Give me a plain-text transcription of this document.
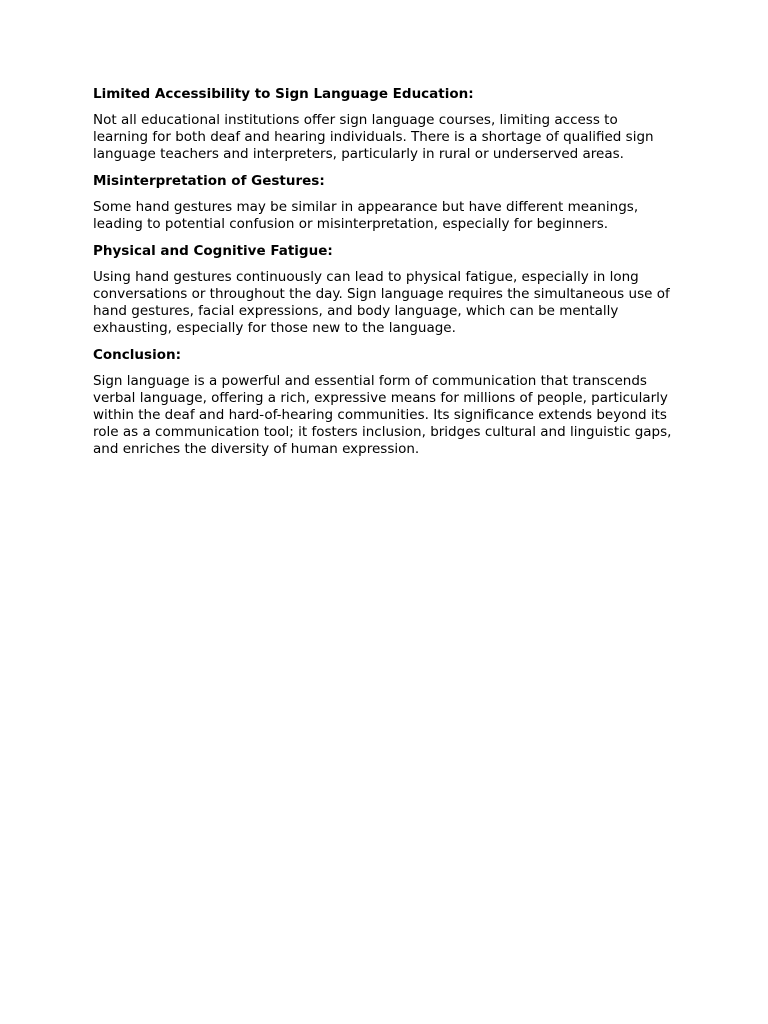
Limited Accessibility to Sign Language Education:
Not all educational institutions offer sign language courses, limiting access to learning for both deaf and hearing individuals. There is a shortage of qualified sign language teachers and interpreters, particularly in rural or underserved areas.
Misinterpretation of Gestures:
Some hand gestures may be similar in appearance but have different meanings, leading to potential confusion or misinterpretation, especially for beginners.
Physical and Cognitive Fatigue:
Using hand gestures continuously can lead to physical fatigue, especially in long conversations or throughout the day. Sign language requires the simultaneous use of hand gestures, facial expressions, and body language, which can be mentally exhausting, especially for those new to the language.
Conclusion:
Sign language is a powerful and essential form of communication that transcends verbal language, offering a rich, expressive means for millions of people, particularly within the deaf and hard-of-hearing communities. Its significance extends beyond its role as a communication tool; it fosters inclusion, bridges cultural and linguistic gaps, and enriches the diversity of human expression.
